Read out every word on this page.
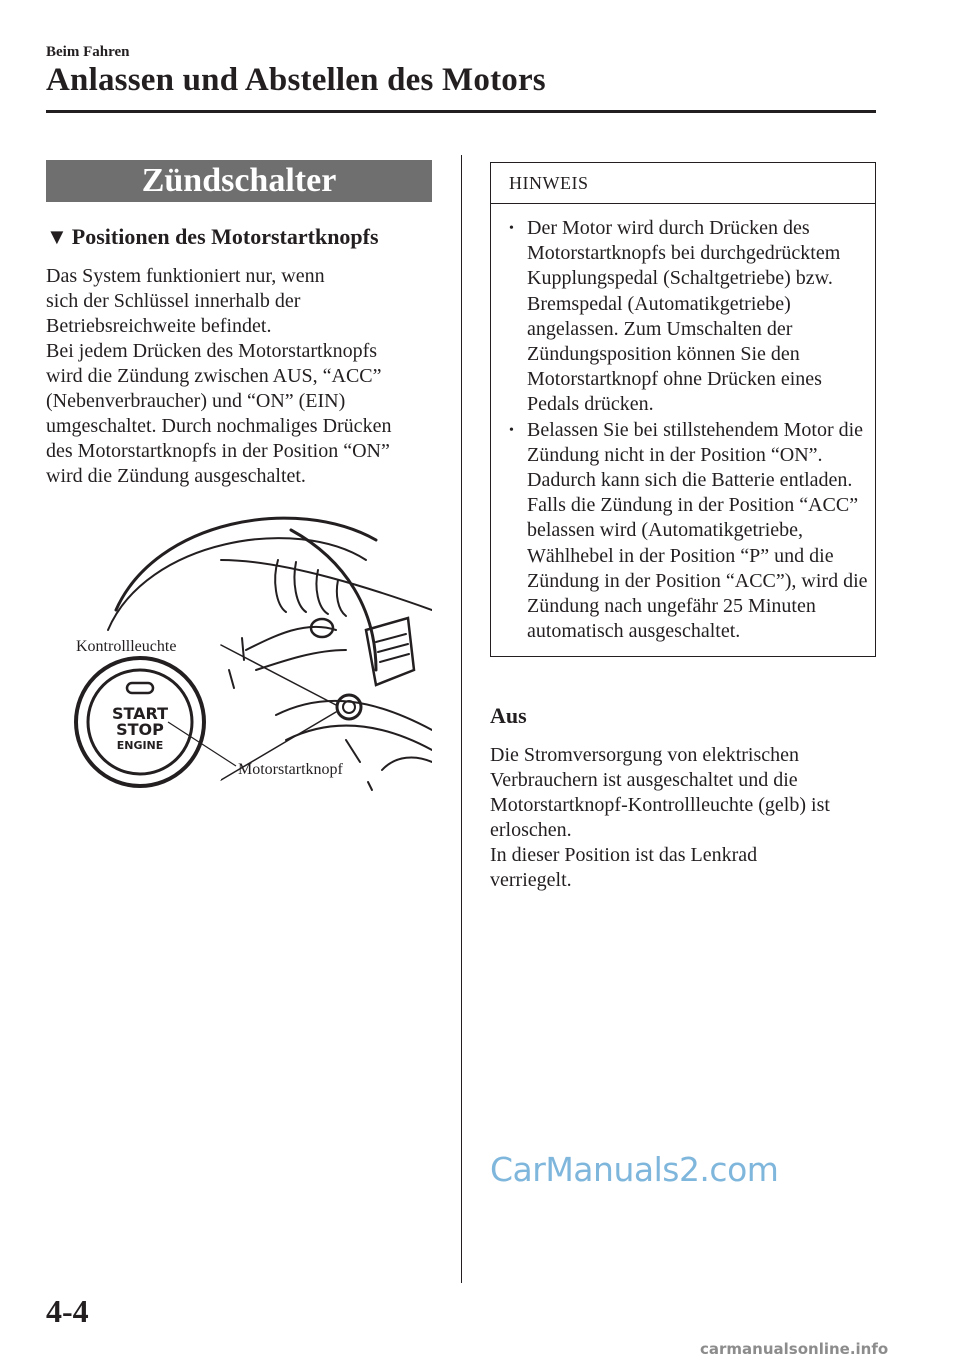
Beim Fahren
Anlassen und Abstellen des Motors
Zündschalter
▼ Positionen des Motorstartknopfs

Das System funktioniert nur, wenn

sich der Schlüssel innerhalb der

Betriebsreichweite befindet.

Bei jedem Drücken des Motorstartknopfs

wird die Zündung zwischen AUS, “ACC”

(Nebenverbraucher) und “ON” (EIN)

umgeschaltet. Durch nochmaliges Drücken

des Motorstartknopfs in der Position “ON”

wird die Zündung ausgeschaltet.

START
STOP
ENGINE
Kontrollleuchte
Motorstartknopf
HINWEIS
• Der Motor wird durch Drücken des Motorstartknopfs bei durchgedrücktem Kupplungspedal (Schaltgetriebe) bzw. Bremspedal (Automatikgetriebe) angelassen. Zum Umschalten der Zündungsposition können Sie den Motorstartknopf ohne Drücken eines Pedals drücken.
• Belassen Sie bei stillstehendem Motor die Zündung nicht in der Position “ON”. Dadurch kann sich die Batterie entladen. Falls die Zündung in der Position “ACC” belassen wird (Automatikgetriebe, Wählhebel in der Position “P” und die Zündung in der Position “ACC”), wird die Zündung nach ungefähr 25 Minuten automatisch ausgeschaltet.
Aus

Die Stromversorgung von elektrischen

Verbrauchern ist ausgeschaltet und die

Motorstartknopf-Kontrollleuchte (gelb) ist

erloschen.

In dieser Position ist das Lenkrad

verriegelt.

CarManuals2.com
4-4
carmanualsonline.info
